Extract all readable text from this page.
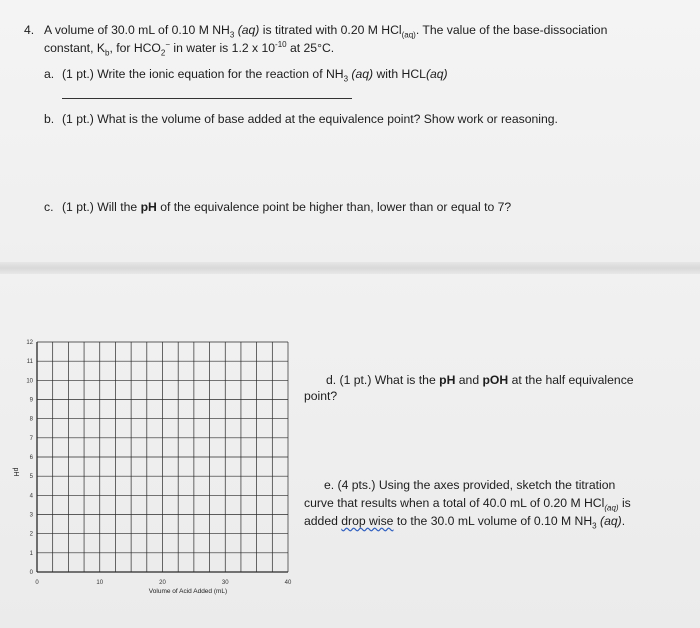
4. A volume of 30.0 mL of 0.10 M $NH_3$ (aq) is titrated with 0.20 M HCl$_{(aq)}$. The value of the base-dissociation
constant, $K_b$, for $HCO_2^-$ in water is 1.2 x $10^{-10}$ at 25°C.
a. (1 pt.) Write the ionic equation for the reaction of $NH_3$ (aq) with HCL(aq)
b. (1 pt.) What is the volume of base added at the equivalence point? Show work or reasoning.
c. (1 pt.) Will the pH of the equivalence point be higher than, lower than or equal to 7?
d. (1 pt.) What is the pH and pOH at the half equivalence
point?
e. (4 pts.) Using the axes provided, sketch the titration
curve that results when a total of 40.0 mL of 0.20 M HCl$_{(aq)}$ is
added drop wise to the 30.0 mL volume of 0.10 M $NH_3$ (aq).
0
1
2
3
4
5
6
7
8
9
10
11
12
0	10	20	30	40
Volume of Acid Added (mL)
pH
